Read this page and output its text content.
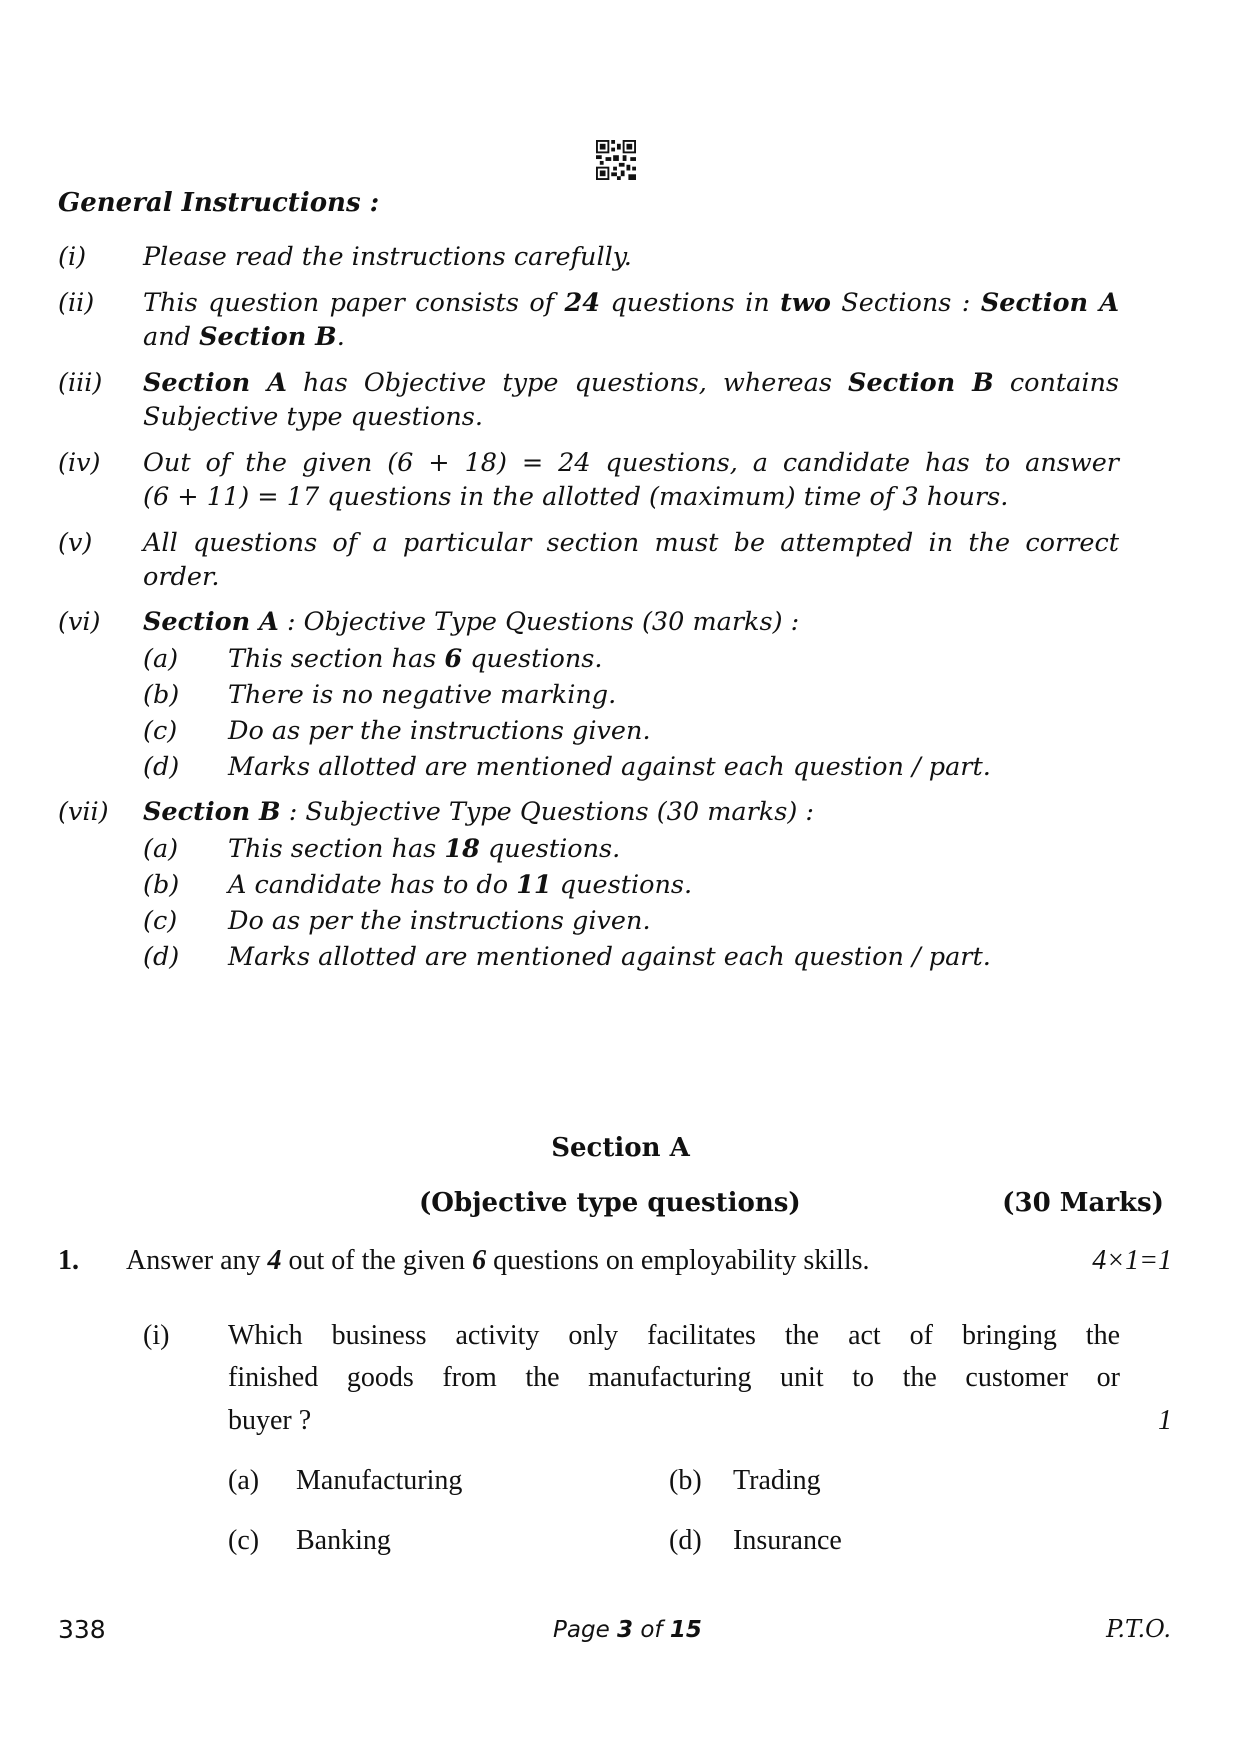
General Instructions :
(i) Please read the instructions carefully.
(ii) This question paper consists of 24 questions in two Sections : Section A
and Section B.
(iii) Section A has Objective type questions, whereas Section B contains
Subjective type questions.
(iv) Out of the given (6 + 18) = 24 questions, a candidate has to answer
(6 + 11) = 17 questions in the allotted (maximum) time of 3 hours.
(v) All questions of a particular section must be attempted in the correct
order.
(vi) Section A : Objective Type Questions (30 marks) :
(a) This section has 6 questions.
(b) There is no negative marking.
(c) Do as per the instructions given.
(d) Marks allotted are mentioned against each question / part.
(vii) Section B : Subjective Type Questions (30 marks) :
(a) This section has 18 questions.
(b) A candidate has to do 11 questions.
(c) Do as per the instructions given.
(d) Marks allotted are mentioned against each question / part.
Section A
(Objective type questions)	(30 Marks)
1. Answer any 4 out of the given 6 questions on employability skills.	4×1=1
(i) Which business activity only facilitates the act of bringing the
finished goods from the manufacturing unit to the customer or
buyer ?	1
(a) Manufacturing	(b) Trading
(c) Banking	(d) Insurance
338	Page 3 of 15	P.T.O.
